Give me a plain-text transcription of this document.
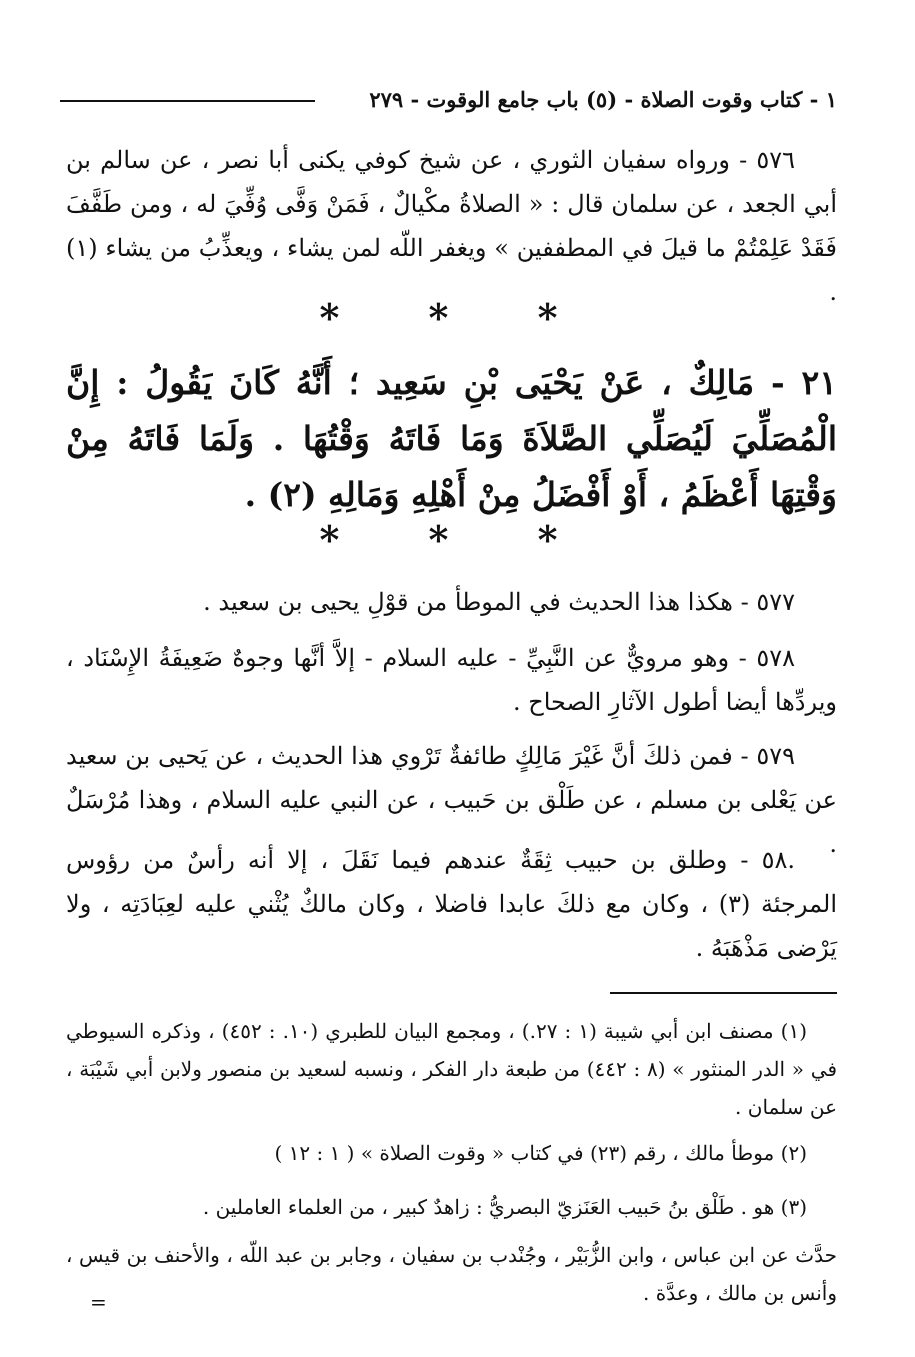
١ - كتاب وقوت الصلاة - (٥) باب جامع الوقوت - ٢٧٩

٥٧٦ - ورواه سفيان الثوري ، عن شيخ كوفي يكنى أبا نصر ، عن سالم بن أبي الجعد ، عن سلمان قال : « الصلاةُ مكْيالٌ ، فَمَنْ وَفَّى وُفِّيَ له ، ومن طَفَّفَ فَقَدْ عَلِمْتُمْ ما قيلَ في المطففين » ويغفر اللّه لمن يشاء ، ويعذِّبُ من يشاء (١) .

* * *

٢١ - مَالِكٌ ، عَنْ يَحْيَى بْنِ سَعِيد ؛ أَنَّهُ كَانَ يَقُولُ : إِنَّ الْمُصَلِّيَ لَيُصَلِّي الصَّلاَةَ وَمَا فَاتَهُ وَقْتُهَا . وَلَمَا فَاتَهُ مِنْ وَقْتِهَا أَعْظَمُ ، أَوْ أَفْضَلُ مِنْ أَهْلِهِ وَمَالِهِ (٢) .

* * *

٥٧٧ - هكذا هذا الحديث في الموطأ من قوْلِ يحيى بن سعيد .

٥٧٨ - وهو مرويٌّ عن النَّبِيِّ - عليه السلام - إلاَّ أنَّها وجوهٌ ضَعِيفَةُ الإِسْنَاد ، ويردِّها أيضا أطول الآثارِ الصحاح .

٥٧٩ - فمن ذلكَ أنَّ غَيْرَ مَالِكٍ طائفةٌ تَرْوي هذا الحديث ، عن يَحيى بن سعيد عن يَعْلى بن مسلم ، عن طَلْق بن حَبيب ، عن النبي عليه السلام ، وهذا مُرْسَلٌ .

.٥٨ - وطلق بن حبيب ثِقَةٌ عندهم فيما نَقَلَ ، إلا أنه رأسٌ من رؤوس المرجئة (٣) ، وكان مع ذلكَ عابدا فاضلا ، وكان مالكٌ يُثْني عليه لعِبَادَتِه ، ولا يَرْضى مَذْهَبَهُ .

(١) مصنف ابن أبي شيبة (١ : ٢٧.) ، ومجمع البيان للطبري (١٠. : ٤٥٢) ، وذكره السيوطي في « الدر المنثور » (٨ : ٤٤٢) من طبعة دار الفكر ، ونسبه لسعيد بن منصور ولابن أبي شَيْبَة ، عن سلمان .

(٢) موطأ مالك ، رقم (٢٣) في كتاب « وقوت الصلاة » ( ١ : ١٢ )

(٣) هو . طَلْق بنُ حَبيب العَنَزيّ البصريُّ : زاهدٌ كبير ، من العلماء العاملين .

حدَّث عن ابن عباس ، وابن الزُّبَيْر ، وجُنْدب بن سفيان ، وجابر بن عبد اللّه ، والأحنف بن قيس ، وأنس بن مالك ، وعدَّة .

=
